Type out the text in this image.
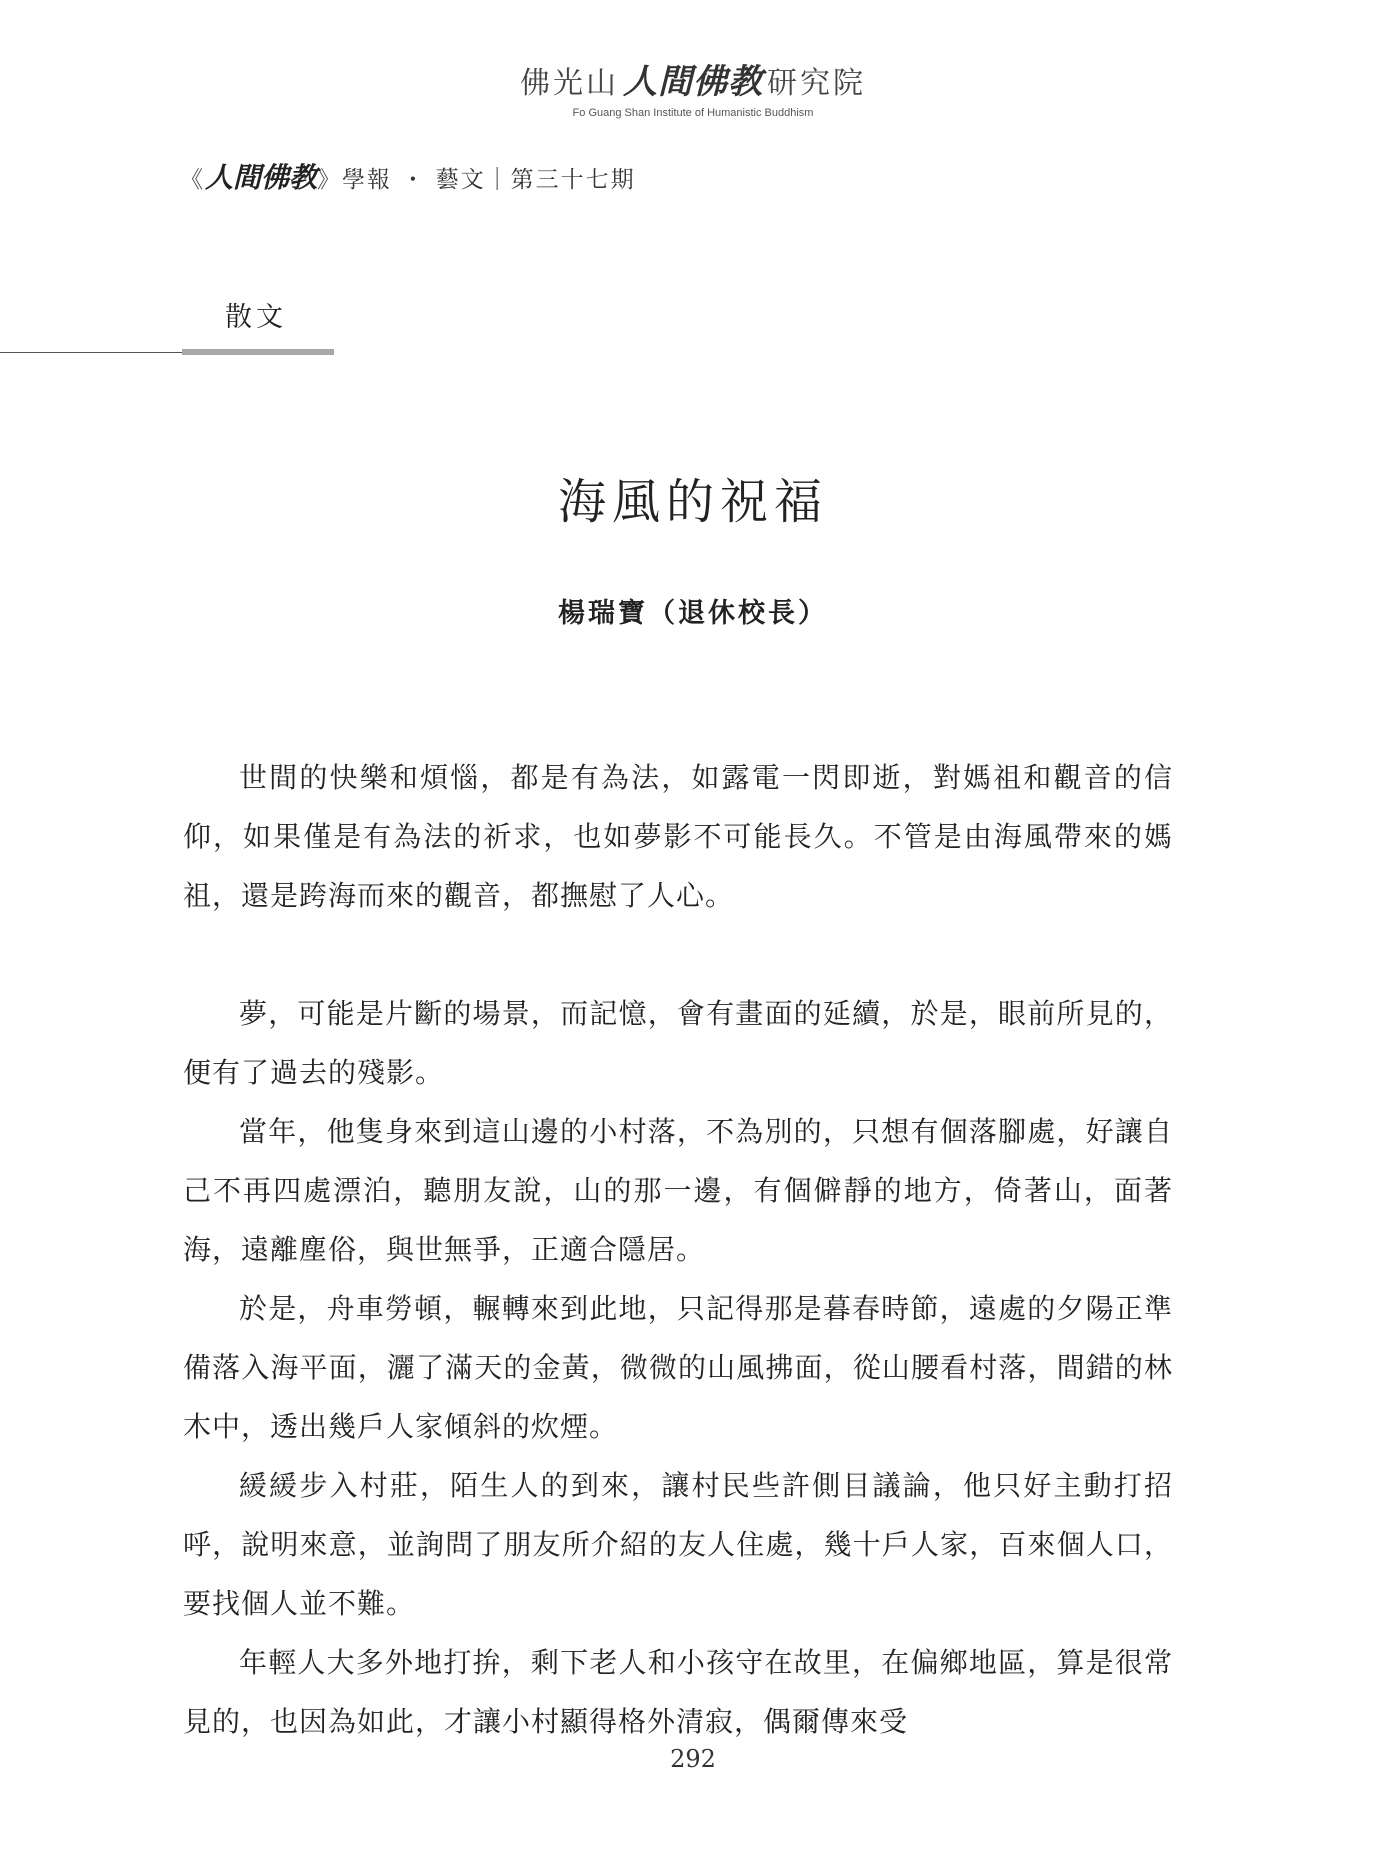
佛光山 人間佛教 研究院
Fo Guang Shan Institute of Humanistic Buddhism
《人間佛教》學報 ・ 藝文｜第三十七期
散文
海風的祝福
楊瑞寶（退休校長）

世間的快樂和煩惱，都是有為法，如露電一閃即逝，對媽祖和觀音的信仰，如果僅是有為法的祈求，也如夢影不可能長久。不管是由海風帶來的媽祖，還是跨海而來的觀音，都撫慰了人心。

夢，可能是片斷的場景，而記憶，會有畫面的延續，於是，眼前所見的，便有了過去的殘影。

當年，他隻身來到這山邊的小村落，不為別的，只想有個落腳處，好讓自己不再四處漂泊，聽朋友說，山的那一邊，有個僻靜的地方，倚著山，面著海，遠離塵俗，與世無爭，正適合隱居。

於是，舟車勞頓，輾轉來到此地，只記得那是暮春時節，遠處的夕陽正準備落入海平面，灑了滿天的金黃，微微的山風拂面，從山腰看村落，間錯的林木中，透出幾戶人家傾斜的炊煙。

緩緩步入村莊，陌生人的到來，讓村民些許側目議論，他只好主動打招呼，說明來意，並詢問了朋友所介紹的友人住處，幾十戶人家，百來個人口，要找個人並不難。

年輕人大多外地打拚，剩下老人和小孩守在故里，在偏鄉地區，算是很常見的，也因為如此，才讓小村顯得格外清寂，偶爾傳來受

292
